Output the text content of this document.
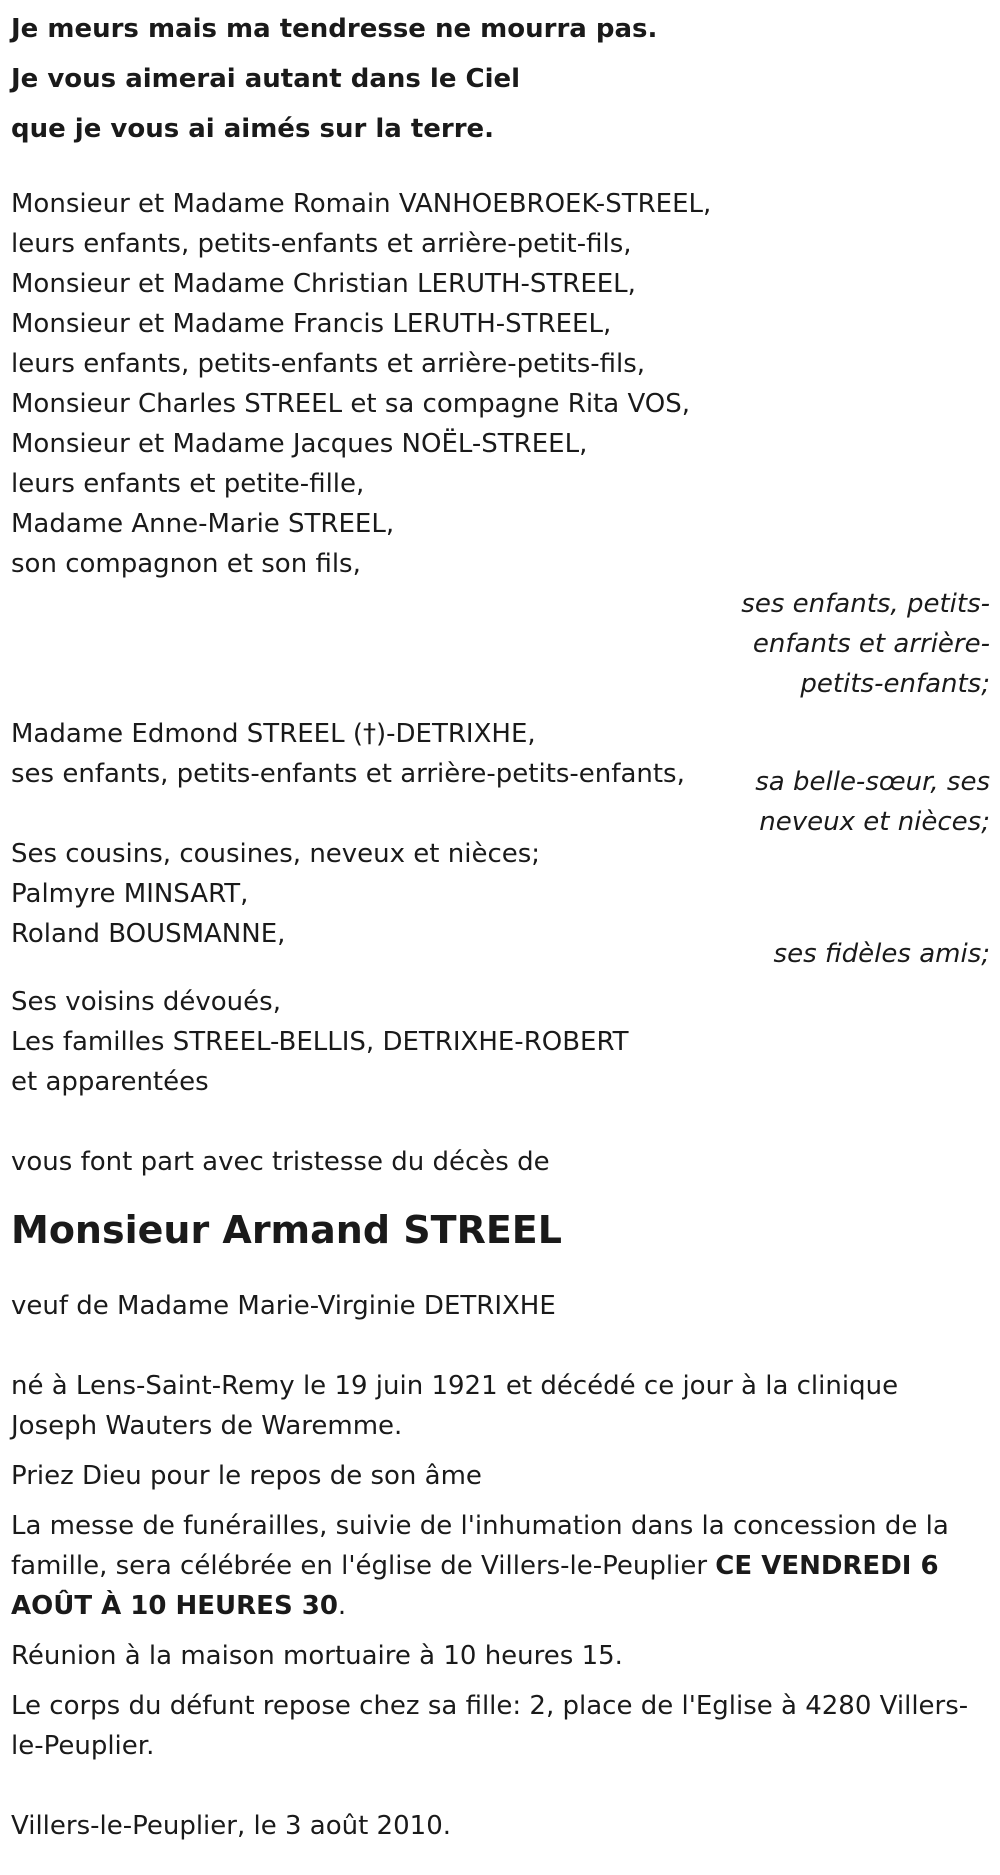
Je meurs mais ma tendresse ne mourra pas.
Je vous aimerai autant dans le Ciel
que je vous ai aimés sur la terre.
Monsieur et Madame Romain VANHOEBROEK-STREEL,
leurs enfants, petits-enfants et arrière-petit-fils,
Monsieur et Madame Christian LERUTH-STREEL,
Monsieur et Madame Francis LERUTH-STREEL,
leurs enfants, petits-enfants et arrière-petits-fils,
Monsieur Charles STREEL et sa compagne Rita VOS,
Monsieur et Madame Jacques NOËL-STREEL,
leurs enfants et petite-fille,
Madame Anne-Marie STREEL,
son compagnon et son fils,
ses enfants, petits-enfants et arrière-petits-enfants;
Madame Edmond STREEL (†)-DETRIXHE,
ses enfants, petits-enfants et arrière-petits-enfants,	sa belle-sœur, ses neveux et nièces;
Ses cousins, cousines, neveux et nièces;
Palmyre MINSART,
Roland BOUSMANNE,
ses fidèles amis;
Ses voisins dévoués,
Les familles STREEL-BELLIS, DETRIXHE-ROBERT
et apparentées
vous font part avec tristesse du décès de
Monsieur Armand STREEL
veuf de Madame Marie-Virginie DETRIXHE

né à Lens-Saint-Remy le 19 juin 1921 et décédé ce jour à la clinique Joseph Wauters de Waremme.

Priez Dieu pour le repos de son âme

La messe de funérailles, suivie de l'inhumation dans la concession de la famille, sera célébrée en l'église de Villers-le-Peuplier CE VENDREDI 6 AOÛT À 10 HEURES 30.

Réunion à la maison mortuaire à 10 heures 15.

Le corps du défunt repose chez sa fille: 2, place de l'Eglise à 4280 Villers-le-Peuplier.

Villers-le-Peuplier, le 3 août 2010.
